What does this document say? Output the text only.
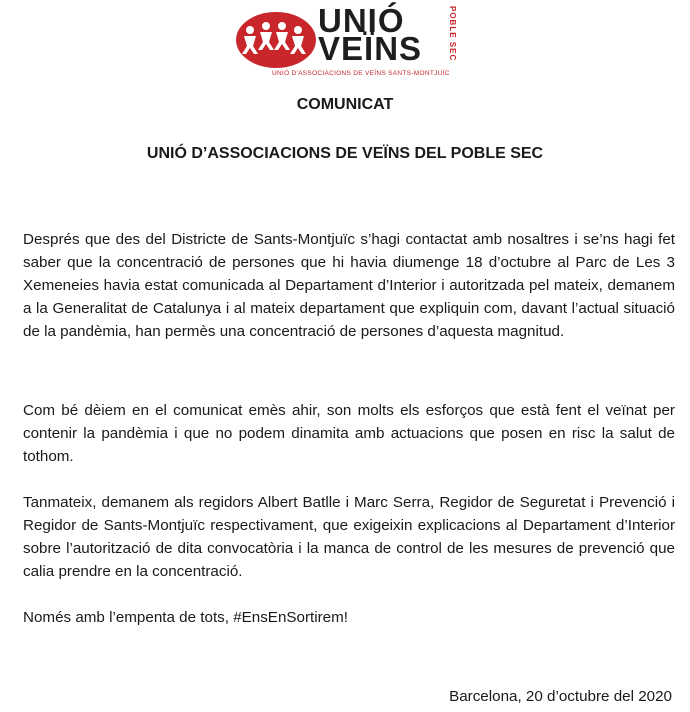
UNIÓ
VEÏNS	POBLE SEC
UNIÓ D'ASSOCIACIONS DE VEÏNS SANTS-MONTJUÏC
COMUNICAT
UNIÓ D’ASSOCIACIONS DE VEÏNS DEL POBLE SEC

Després que des del Districte de Sants-Montjuïc s’hagi contactat amb nosaltres i se’ns hagi fet saber que la concentració de persones que hi havia diumenge 18 d’octubre al Parc de Les 3 Xemeneies havia estat comunicada al Departament d’Interior i autoritzada pel mateix, demanem a la Generalitat de Catalunya i al mateix departament que expliquin com, davant l’actual situació de la pandèmia, han permès una concentració de persones d’aquesta magnitud.

Com bé dèiem en el comunicat emès ahir, son molts els esforços que està fent el veïnat per contenir la pandèmia i que no podem dinamita amb actuacions que posen en risc la salut de tothom.

Tanmateix, demanem als regidors Albert Batlle i Marc Serra, Regidor de Seguretat i Prevenció i Regidor de Sants-Montjuïc respectivament, que exigeixin explicacions al Departament d’Interior sobre l’autorització de dita convocatòria i la manca de control de les mesures de prevenció que calia prendre en la concentració.

Només amb l’empenta de tots, #EnsEnSortirem!

Barcelona, 20 d’octubre del 2020
